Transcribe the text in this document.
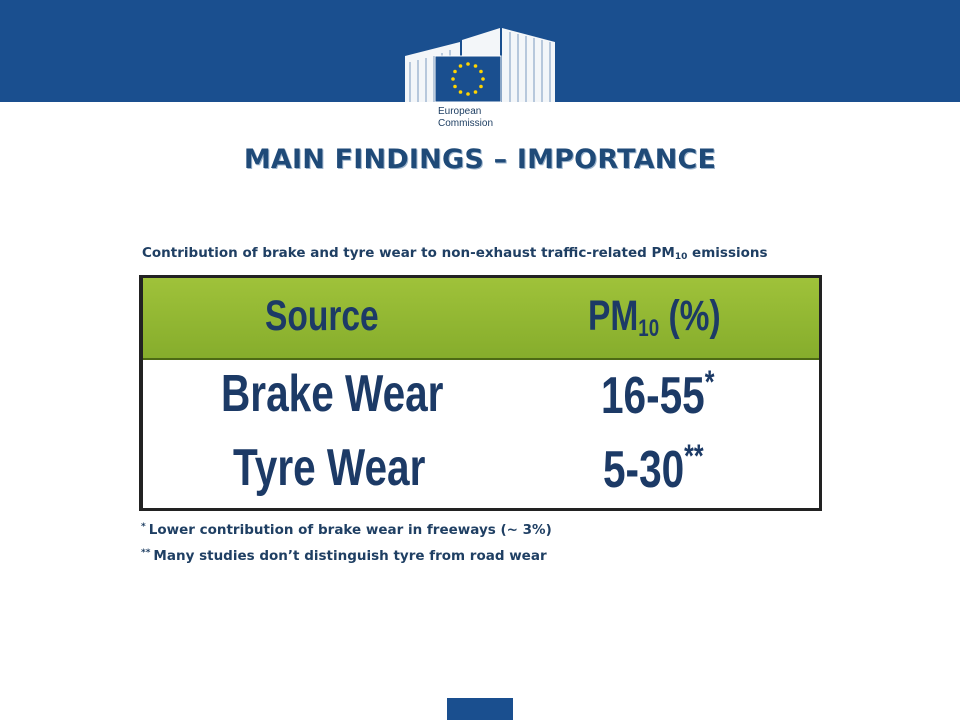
European
Commission
MAIN FINDINGS – IMPORTANCE
Contribution of brake and tyre wear to non-exhaust traffic-related $PM_{10}$ emissions
Source	$PM_{10}$ (%)
Brake Wear	16-55*
Tyre Wear	5-30**
* Lower contribution of brake wear in freeways (~ 3%)
** Many studies don’t distinguish tyre from road wear
